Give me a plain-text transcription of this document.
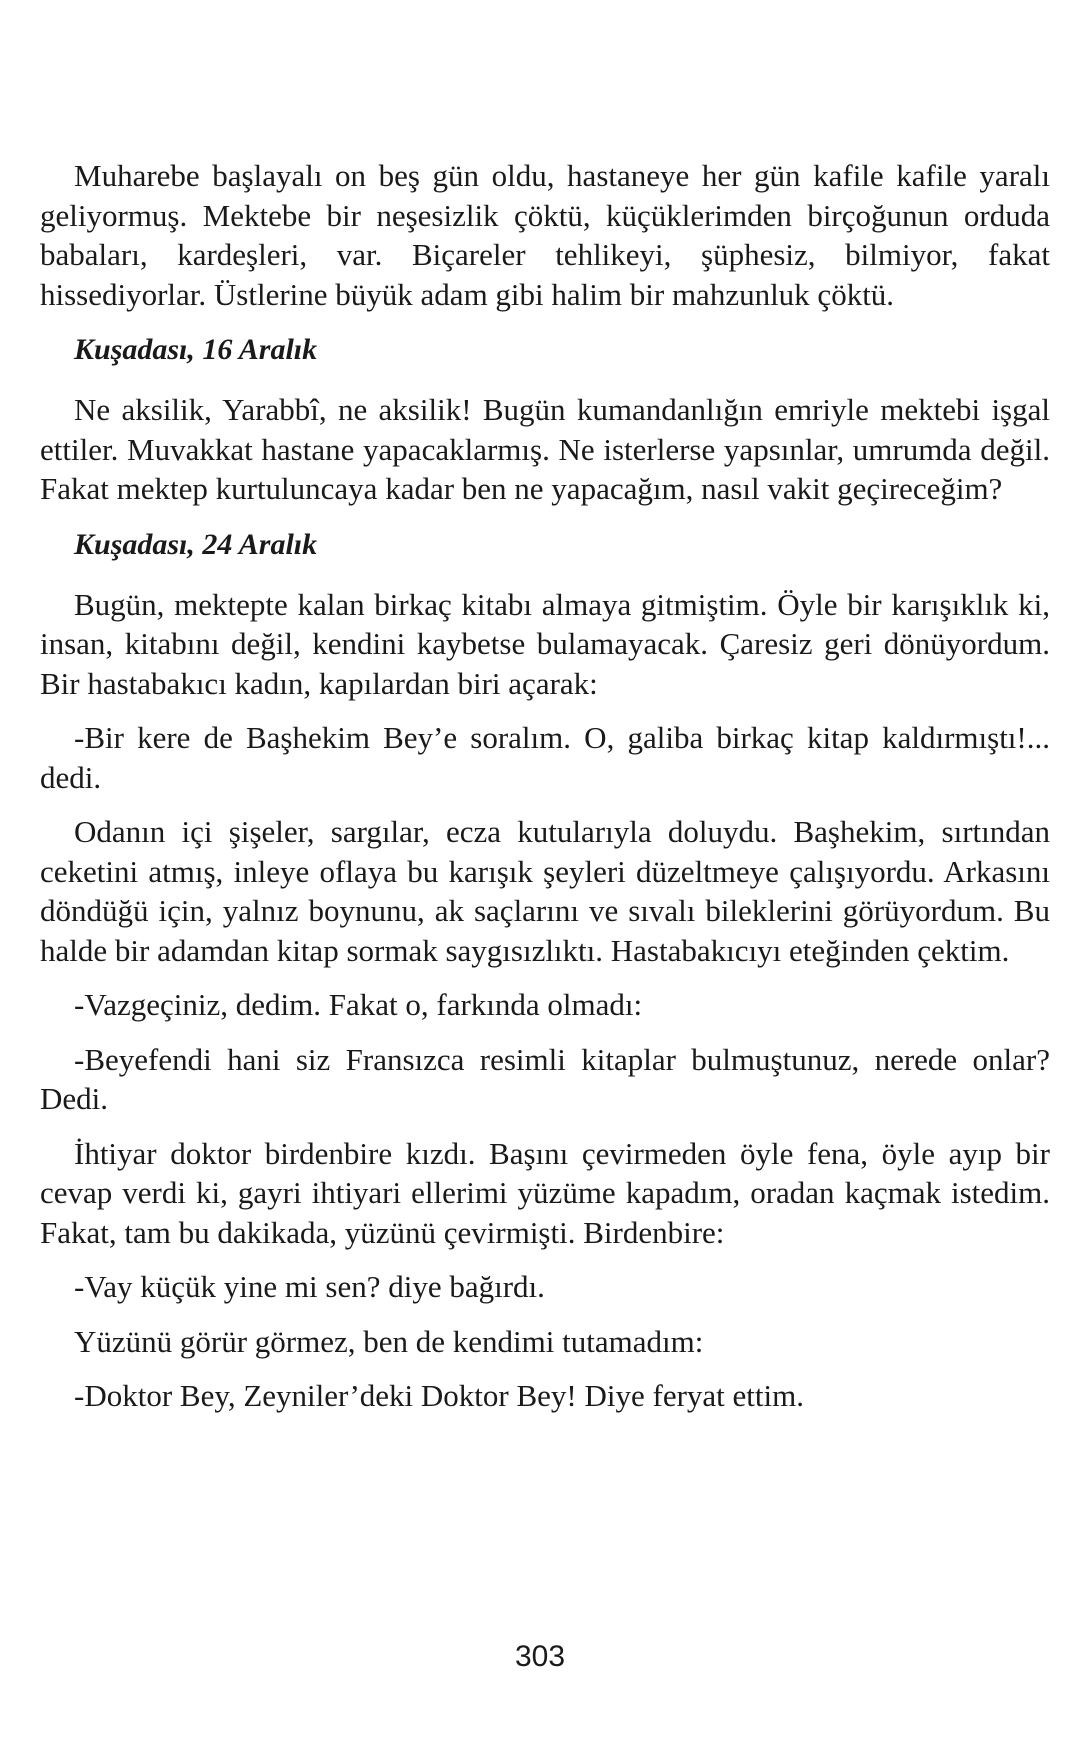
Muharebe başlayalı on beş gün oldu, hastaneye her gün kafile kafile yaralı geliyormuş. Mektebe bir neşesizlik çöktü, küçüklerimden birçoğunun orduda babaları, kardeşleri, var. Biçareler tehlikeyi, şüphesiz, bilmiyor, fakat hissediyorlar. Üstlerine büyük adam gibi halim bir mahzunluk çöktü.

Kuşadası, 16 Aralık

Ne aksilik, Yarabbî, ne aksilik! Bugün kumandanlığın emriyle mektebi işgal ettiler. Muvakkat hastane yapacaklarmış. Ne isterlerse yapsınlar, umrumda değil. Fakat mektep kurtuluncaya kadar ben ne yapacağım, nasıl vakit geçireceğim?

Kuşadası, 24 Aralık

Bugün, mektepte kalan birkaç kitabı almaya gitmiştim. Öyle bir karışıklık ki, insan, kitabını değil, kendini kaybetse bulamayacak. Çaresiz geri dönüyordum. Bir hastabakıcı kadın, kapılardan biri açarak:

-Bir kere de Başhekim Bey’e soralım. O, galiba birkaç kitap kaldırmıştı!... dedi.

Odanın içi şişeler, sargılar, ecza kutularıyla doluydu. Başhekim, sırtından ceketini atmış, inleye oflaya bu karışık şeyleri düzeltmeye çalışıyordu. Arkasını döndüğü için, yalnız boynunu, ak saçlarını ve sıvalı bileklerini görüyordum. Bu halde bir adamdan kitap sormak saygısızlıktı. Hastabakıcıyı eteğinden çektim.

-Vazgeçiniz, dedim. Fakat o, farkında olmadı:

-Beyefendi hani siz Fransızca resimli kitaplar bulmuştunuz, nerede onlar? Dedi.

İhtiyar doktor birdenbire kızdı. Başını çevirmeden öyle fena, öyle ayıp bir cevap verdi ki, gayri ihtiyari ellerimi yüzüme kapadım, oradan kaçmak istedim. Fakat, tam bu dakikada, yüzünü çevirmişti. Birdenbire:

-Vay küçük yine mi sen? diye bağırdı.

Yüzünü görür görmez, ben de kendimi tutamadım:

-Doktor Bey, Zeyniler’deki Doktor Bey! Diye feryat ettim.

303
